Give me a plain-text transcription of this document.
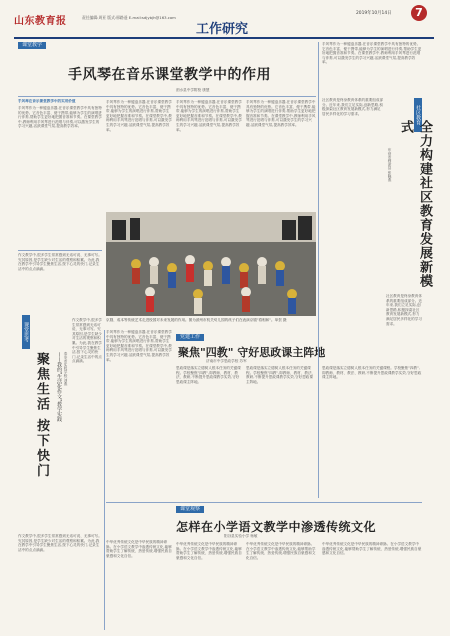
山东教育报	责任编辑:周亚 版式:邢路遥 E-mail:sdjybjh@163.com
工作研究
2019年10月14日	7
课堂教学
手风琴在音乐课堂教学中的作用
泗水县中学附校 康慧
手风琴在音乐课堂教学中的实用价值
手风琴作为一种键盘乐器,在音乐课堂教学中具有独特的优势。它音色丰富、便于携带,能够为学生的演唱进行伴奏,帮助学生更好地把握音准和节奏。在课堂教学中,教师利用手风琴进行范唱与伴奏,可以激发学生的学习兴趣,活跃课堂气氛,提高教学效率。
手风琴作为一种键盘乐器,在音乐课堂教学中具有独特的优势。它音色丰富、便于携带,能够为学生的演唱进行伴奏,帮助学生更好地把握音准和节奏。在课堂教学中,教师利用手风琴进行范唱与伴奏,可以激发学生的学习兴趣,活跃课堂气氛,提高教学效率。
手风琴作为一种键盘乐器,在音乐课堂教学中具有独特的优势。它音色丰富、便于携带,能够为学生的演唱进行伴奏,帮助学生更好地把握音准和节奏。在课堂教学中,教师利用手风琴进行范唱与伴奏,可以激发学生的学习兴趣,活跃课堂气氛,提高教学效率。
手风琴作为一种键盘乐器,在音乐课堂教学中具有独特的优势。它音色丰富、便于携带,能够为学生的演唱进行伴奏,帮助学生更好地把握音准和节奏。在课堂教学中,教师利用手风琴进行范唱与伴奏,可以激发学生的学习兴趣,活跃课堂气氛,提高教学效率。
手风琴作为一种键盘乐器,在音乐课堂教学中具有独特的优势。它音色丰富、便于携带,能够为学生的演唱进行伴奏,帮助学生更好地把握音准和节奏。在课堂教学中,教师利用手风琴进行范唱与伴奏,可以激发学生的学习兴趣,活跃课堂气氛,提高教学效率。
京剧、成本等传统艺术走进校园对未来发展的作用。图为滨州市机关幼儿园的孩子们在表演京剧"将相和"。单贺 摄
作文教学中,很多学生常常感到无话可说、无事可写。究其原因,是学生缺少对生活的观察和积累。为此,我在教学中引导学生聚焦生活,按下心灵的快门,记录生活中的点点滴滴。
课堂思考
聚焦生活 按下快门	——我的"生活化作文"教学实践 泰安市实验学校 刘燕
作文教学中,很多学生常常感到无话可说、无事可写。究其原因,是学生缺少对生活的观察和积累。为此,我在教学中引导学生聚焦生活,按下心灵的快门,记录生活中的点点滴滴。
作文教学中,很多学生常常感到无话可说、无事可写。究其原因,是学生缺少对生活的观察和积累。为此,我在教学中引导学生聚焦生活,按下心灵的快门,记录生活中的点点滴滴。
手风琴作为一种键盘乐器,在音乐课堂教学中具有独特的优势。它音色丰富、便于携带,能够为学生的演唱进行伴奏,帮助学生更好地把握音准和节奏。在课堂教学中,教师利用手风琴进行范唱与伴奏,可以激发学生的学习兴趣,活跃课堂气氛,提高教学效率。
党建工作
聚焦"四教" 守好思政课主阵地
济南市中学思政学校 苏军
思政课是落实立德树人根本任务的关键课程。学校聚焦"四教",即教师、教材、教法、教研,不断提升思政课教学实效,守好思政课主阵地。
思政课是落实立德树人根本任务的关键课程。学校聚焦"四教",即教师、教材、教法、教研,不断提升思政课教学实效,守好思政课主阵地。
思政课是落实立德树人根本任务的关键课程。学校聚焦"四教",即教师、教材、教法、教研,不断提升思政课教学实效,守好思政课主阵地。
课堂观察
怎样在小学语文教学中渗透传统文化
阳谷县实验小学 杨敏
中华优秀传统文化是中华民族的精神命脉。在小学语文教学中渗透传统文化,能够帮助学生了解传统、热爱传统,增强民族自豪感和文化自信。
中华优秀传统文化是中华民族的精神命脉。在小学语文教学中渗透传统文化,能够帮助学生了解传统、热爱传统,增强民族自豪感和文化自信。
中华优秀传统文化是中华民族的精神命脉。在小学语文教学中渗透传统文化,能够帮助学生了解传统、热爱传统,增强民族自豪感和文化自信。
中华优秀传统文化是中华民族的精神命脉。在小学语文教学中渗透传统文化,能够帮助学生了解传统、热爱传统,增强民族自豪感和文化自信。
社区教育
全力构建社区教育发展新模式
东营市利津县 张晓燕
社区教育是终身教育体系的重要组成部分。近年来,我们立足实际,创新思路,积极探索社区教育发展新模式,努力满足居民多样化的学习需求。
社区教育是终身教育体系的重要组成部分。近年来,我们立足实际,创新思路,积极探索社区教育发展新模式,努力满足居民多样化的学习需求。
